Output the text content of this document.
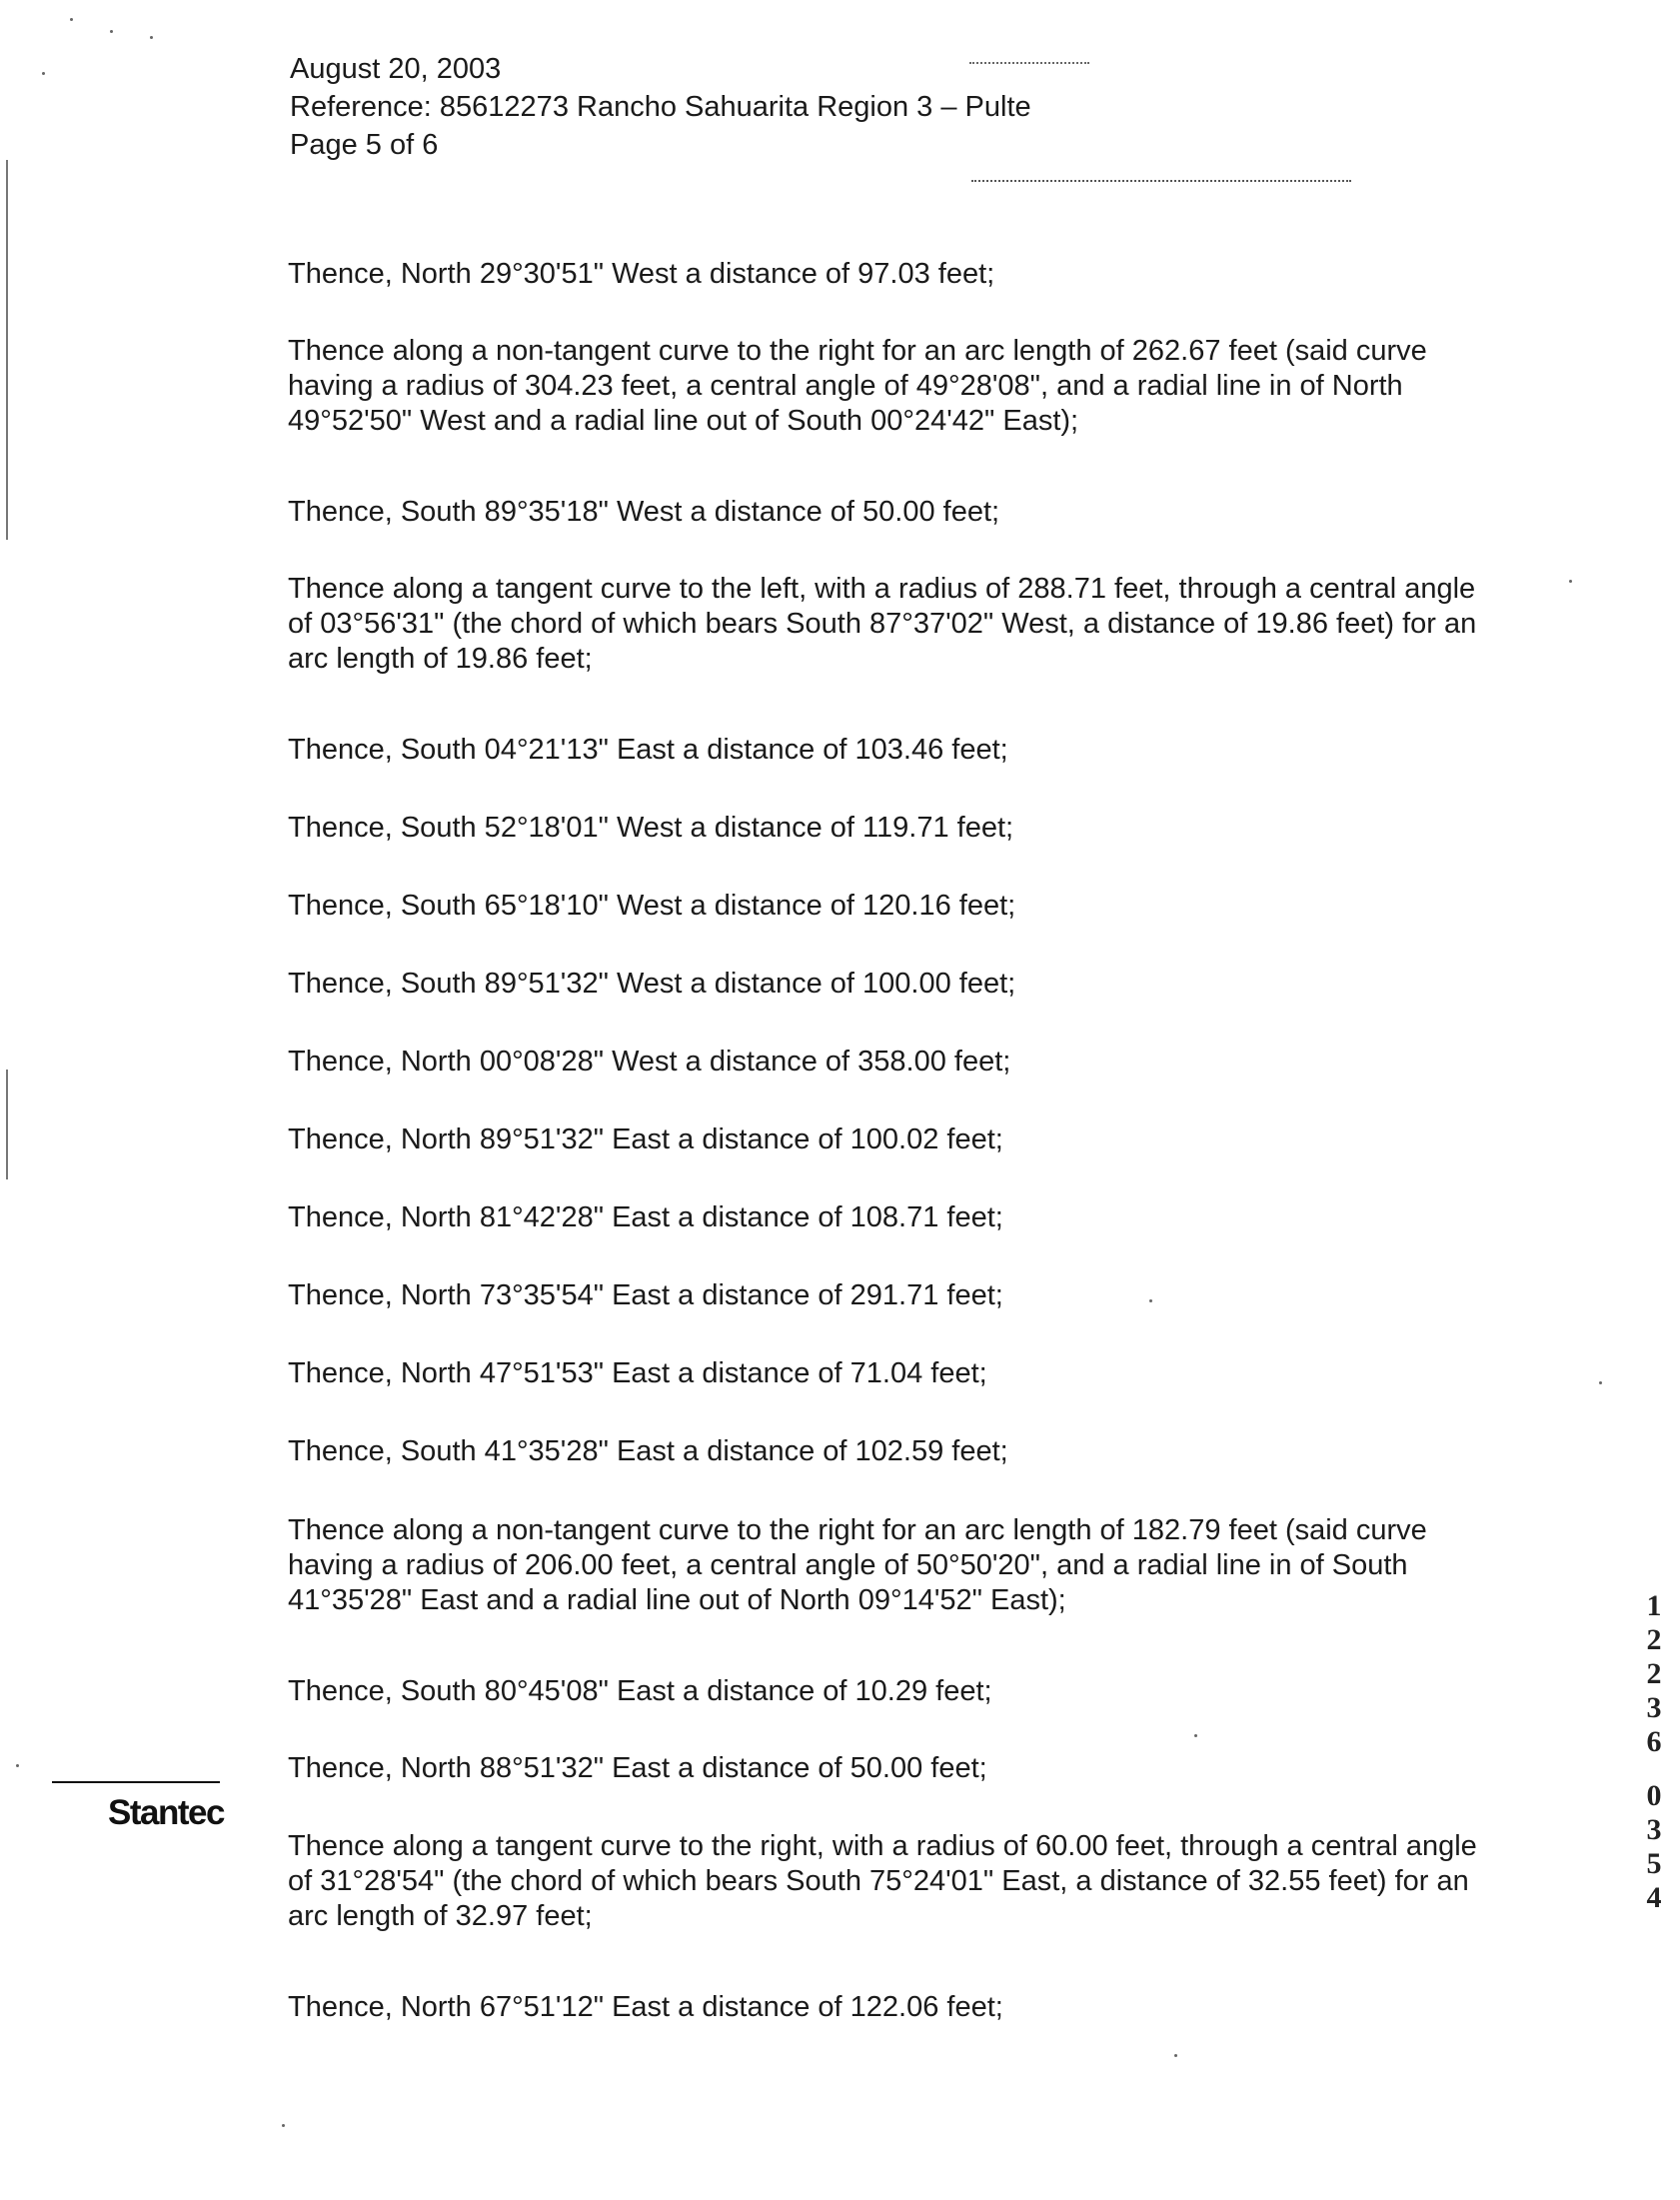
August 20, 2003
Reference: 85612273 Rancho Sahuarita Region 3 – Pulte
Page 5 of 6

Thence, North 29°30'51" West a distance of 97.03 feet;

Thence along a non-tangent curve to the right for an arc length of 262.67 feet (said curve having a radius of 304.23 feet, a central angle of 49°28'08", and a radial line in of North 49°52'50" West and a radial line out of South 00°24'42" East);

Thence, South 89°35'18" West a distance of 50.00 feet;

Thence along a tangent curve to the left, with a radius of 288.71 feet, through a central angle of 03°56'31" (the chord of which bears South 87°37'02" West, a distance of 19.86 feet) for an arc length of 19.86 feet;

Thence, South 04°21'13" East a distance of 103.46 feet;

Thence, South 52°18'01" West a distance of 119.71 feet;

Thence, South 65°18'10" West a distance of 120.16 feet;

Thence, South 89°51'32" West a distance of 100.00 feet;

Thence, North 00°08'28" West a distance of 358.00 feet;

Thence, North 89°51'32" East a distance of 100.02 feet;

Thence, North 81°42'28" East a distance of 108.71 feet;

Thence, North 73°35'54" East a distance of 291.71 feet;

Thence, North 47°51'53" East a distance of 71.04 feet;

Thence, South 41°35'28" East a distance of 102.59 feet;

Thence along a non-tangent curve to the right for an arc length of 182.79 feet (said curve having a radius of 206.00 feet, a central angle of 50°50'20", and a radial line in of South 41°35'28" East and a radial line out of North 09°14'52" East);

Thence, South 80°45'08" East a distance of 10.29 feet;

Thence, North 88°51'32" East a distance of 50.00 feet;

Thence along a tangent curve to the right, with a radius of 60.00 feet, through a central angle of 31°28'54" (the chord of which bears South 75°24'01" East, a distance of 32.55 feet) for an arc length of 32.97 feet;

Thence, North 67°51'12" East a distance of 122.06 feet;

Stantec
1
2
2
3
6
0
3
5
4
